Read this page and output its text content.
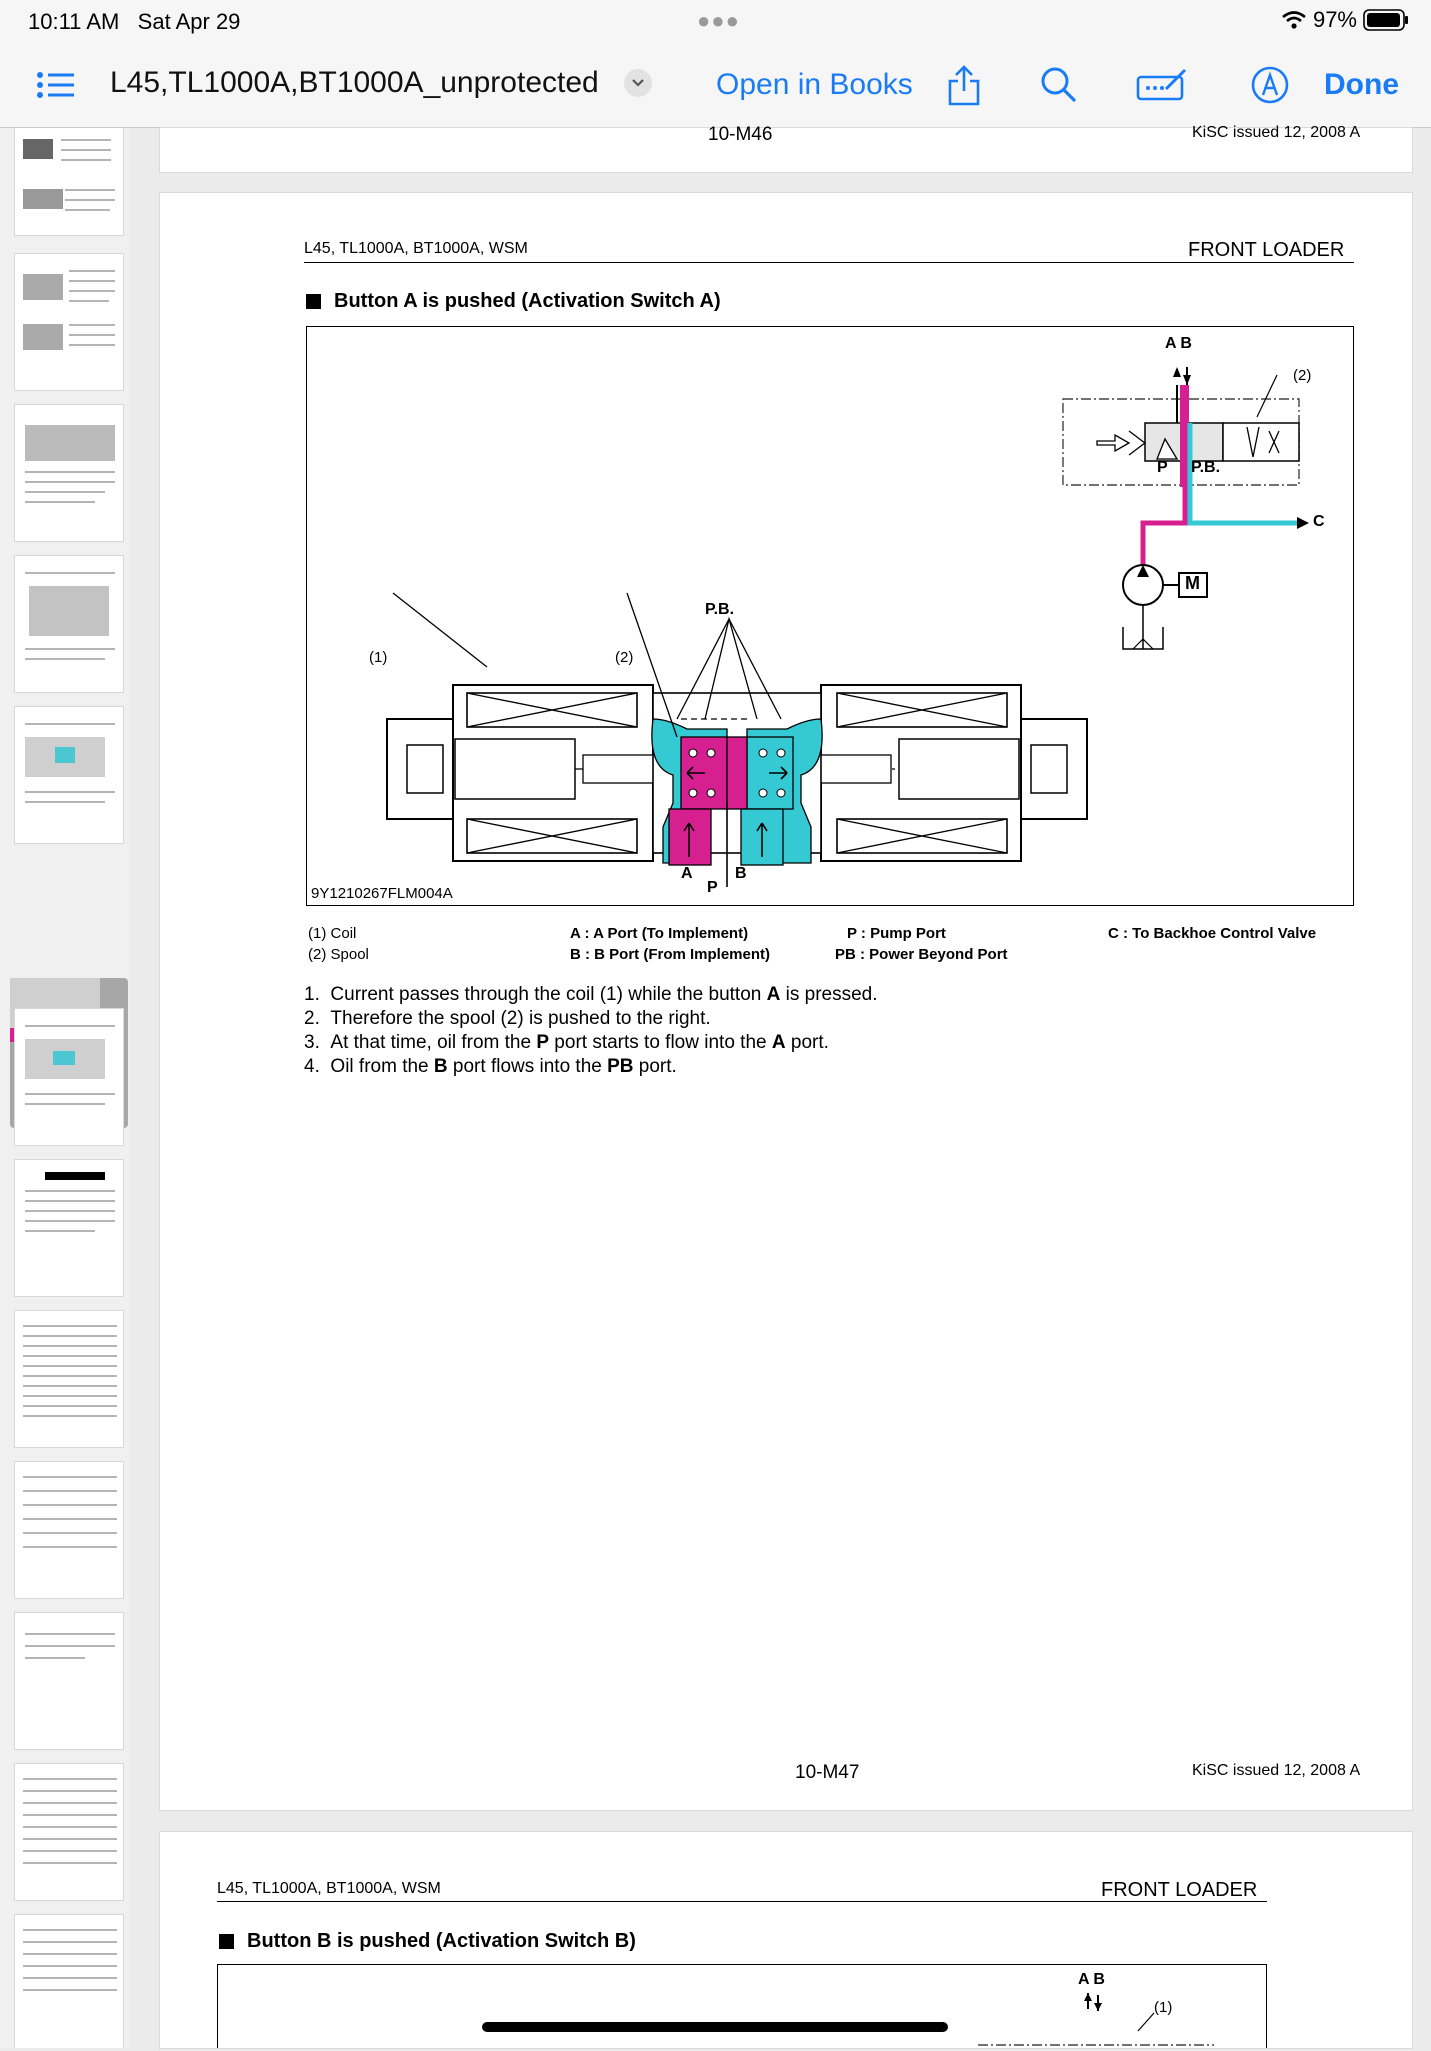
10:11 AM Sat Apr 29	●●●	97%
L45,TL1000A,BT1000A_unprotected	Open in Books	Done
10-M46	KiSC issued 12, 2008 A
L45, TL1000A, BT1000A, WSM	FRONT LOADER
Button A is pushed (Activation Switch A)
A B
(2)
P P.B.
C
M
P.B.
(1)	(2)
A	B
P
9Y1210267FLM004A
(1) Coil
(2) Spool
A : A Port (To Implement)
B : B Port (From Implement)
P : Pump Port
PB : Power Beyond Port
C : To Backhoe Control Valve
1. Current passes through the coil (1) while the button A is pressed.
2. Therefore the spool (2) is pushed to the right.
3. At that time, oil from the P port starts to flow into the A port.
4. Oil from the B port flows into the PB port.
10-M47	KiSC issued 12, 2008 A
L45, TL1000A, BT1000A, WSM	FRONT LOADER
Button B is pushed (Activation Switch B)
A B
(1)
